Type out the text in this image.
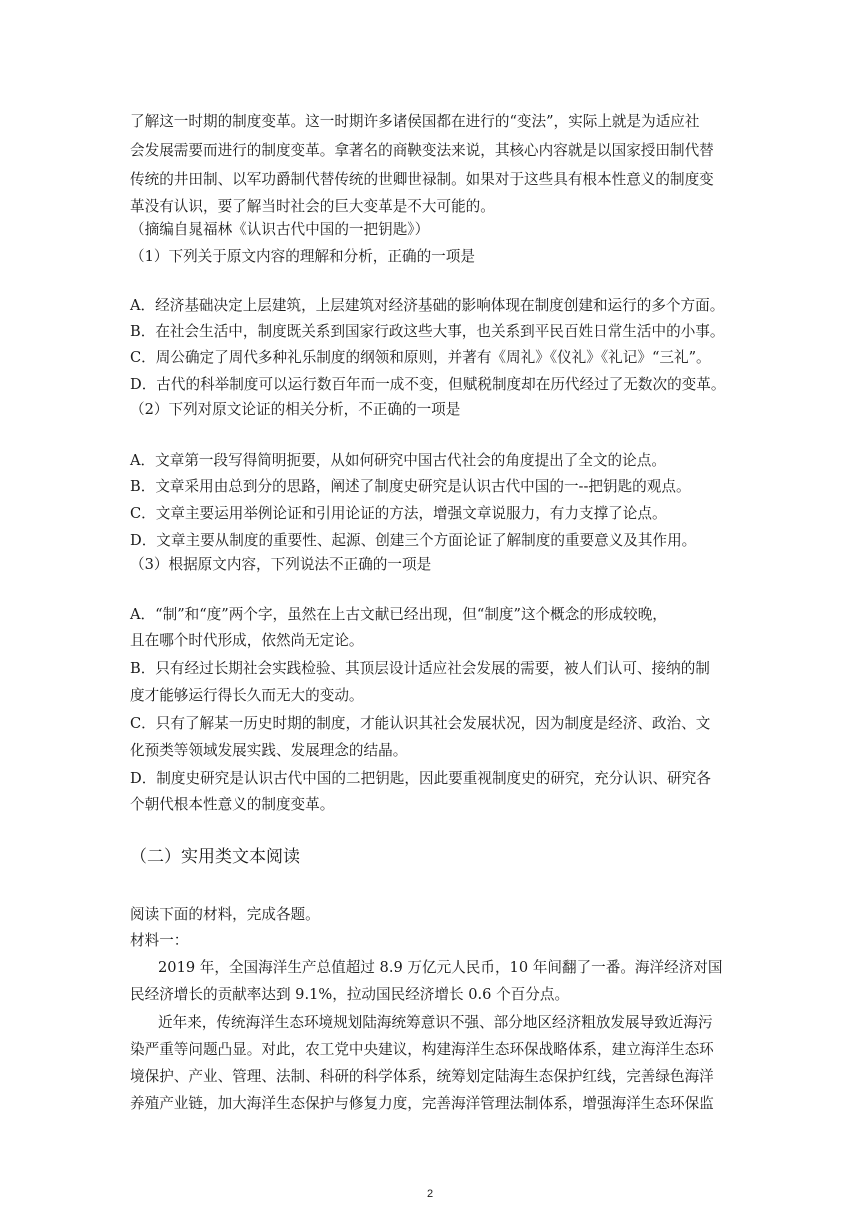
了解这一时期的制度变革。这一时期许多诸侯国都在进行的“变法”，实际上就是为适应社
会发展需要而进行的制度变革。拿著名的商鞅变法来说，其核心内容就是以国家授田制代替
传统的井田制、以军功爵制代替传统的世卿世禄制。如果对于这些具有根本性意义的制度变
革没有认识，要了解当时社会的巨大变革是不大可能的。
（摘编自晁福林《认识古代中国的一把钥匙》）
（1）下列关于原文内容的理解和分析，正确的一项是
A．经济基础决定上层建筑，上层建筑对经济基础的影响体现在制度创建和运行的多个方面。
B．在社会生活中，制度既关系到国家行政这些大事，也关系到平民百姓日常生活中的小事。
C．周公确定了周代多种礼乐制度的纲领和原则，并著有《周礼》《仪礼》《礼记》“三礼”。
D．古代的科举制度可以运行数百年而一成不变，但赋税制度却在历代经过了无数次的变革。
（2）下列对原文论证的相关分析，不正确的一项是
A．文章第一段写得简明扼要，从如何研究中国古代社会的角度提出了全文的论点。
B．文章采用由总到分的思路，阐述了制度史研究是认识古代中国的一--把钥匙的观点。
C．文章主要运用举例论证和引用论证的方法，增强文章说服力，有力支撑了论点。
D．文章主要从制度的重要性、起源、创建三个方面论证了解制度的重要意义及其作用。
（3）根据原文内容，下列说法不正确的一项是
A．“制”和“度”两个字，虽然在上古文献已经出现，但“制度”这个概念的形成较晚，
且在哪个时代形成，依然尚无定论。
B．只有经过长期社会实践检验、其顶层设计适应社会发展的需要，被人们认可、接纳的制
度才能够运行得长久而无大的变动。
C．只有了解某一历史时期的制度，才能认识其社会发展状况，因为制度是经济、政治、文
化预类等领域发展实践、发展理念的结晶。
D．制度史研究是认识古代中国的二把钥匙，因此要重视制度史的研究，充分认识、研究各
个朝代根本性意义的制度变革。
（二）实用类文本阅读
阅读下面的材料，完成各题。
材料一：
2019 年，全国海洋生产总值超过 8.9 万亿元人民币，10 年间翻了一番。海洋经济对国
民经济增长的贡献率达到 9.1%，拉动国民经济增长 0.6 个百分点。
近年来，传统海洋生态环境规划陆海统筹意识不强、部分地区经济粗放发展导致近海污
染严重等问题凸显。对此，农工党中央建议，构建海洋生态环保战略体系，建立海洋生态环
境保护、产业、管理、法制、科研的科学体系，统筹划定陆海生态保护红线，完善绿色海洋
养殖产业链，加大海洋生态保护与修复力度，完善海洋管理法制体系，增强海洋生态环保监
2
